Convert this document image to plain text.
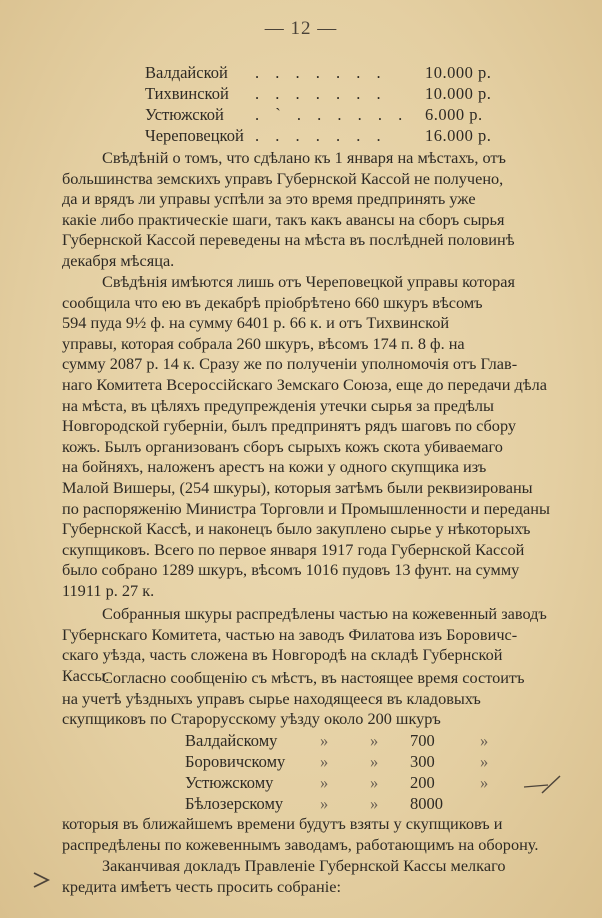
— 12 —
Валдайской . . . . . . . 10.000 р.
Тихвинской . . . . . . . 10.000 р.
Устюжской . ` . . . . . . 6.000 р.
Череповецкой . . . . . . . 16.000 р.
Свѣдѣній о томъ, что сдѣлано къ 1 января на мѣстахъ, отъ
большинства земскихъ управъ Губернской Кассой не получено,
да и врядъ ли управы успѣли за это время предпринять уже
какіе либо практическіе шаги, такъ какъ авансы на сборъ сырья
Губернской Кассой переведены на мѣста въ послѣдней половинѣ
декабря мѣсяца.
Свѣдѣнія имѣются лишь отъ Череповецкой управы которая
сообщила что ею въ декабрѣ пріобрѣтено 660 шкуръ вѣсомъ
594 пуда 9½ ф. на сумму 6401 р. 66 к. и отъ Тихвинской
управы, которая собрала 260 шкуръ, вѣсомъ 174 п. 8 ф. на
сумму 2087 р. 14 к. Сразу же по полученіи уполномочія отъ Глав-
наго Комитета Всероссійскаго Земскаго Союза, еще до передачи дѣла
на мѣста, въ цѣляхъ предупрежденія утечки сырья за предѣлы
Новгородской губерніи, былъ предпринятъ рядъ шаговъ по сбору
кожъ. Былъ организованъ сборъ сырыхъ кожъ скота убиваемаго
на бойняхъ, наложенъ арестъ на кожи у одного скупщика изъ
Малой Вишеры, (254 шкуры), которыя затѣмъ были реквизированы
по распоряженію Министра Торговли и Промышленности и переданы
Губернской Кассѣ, и наконецъ было закуплено сырье у нѣкоторыхъ
скупщиковъ. Всего по первое января 1917 года Губернской Кассой
было собрано 1289 шкуръ, вѣсомъ 1016 пудовъ 13 фунт. на сумму
11911 р. 27 к.
Собранныя шкуры распредѣлены частью на кожевенный заводъ
Губернскаго Комитета, частью на заводъ Филатова изъ Боровичс-
скаго уѣзда, часть сложена въ Новгородѣ на складѣ Губернской
Кассы.
Согласно сообщенію съ мѣстъ, въ настоящее время состоитъ
на учетѣ уѣздныхъ управъ сырье находящееся въ кладовыхъ
скупщиковъ по Старорусскому уѣзду около 200 шкуръ
Валдайскому	»	» 700	»
Боровичскому »	» 300	»
Устюжскому	»	» 200	»
Бѣлозерскому »	» 8000
которыя въ ближайшемъ времени будутъ взяты у скупщиковъ и
распредѣлены по кожевеннымъ заводамъ, работающимъ на оборону.
Заканчивая докладъ Правленіе Губернской Кассы мелкаго
кредита имѣетъ честь просить собраніе:
